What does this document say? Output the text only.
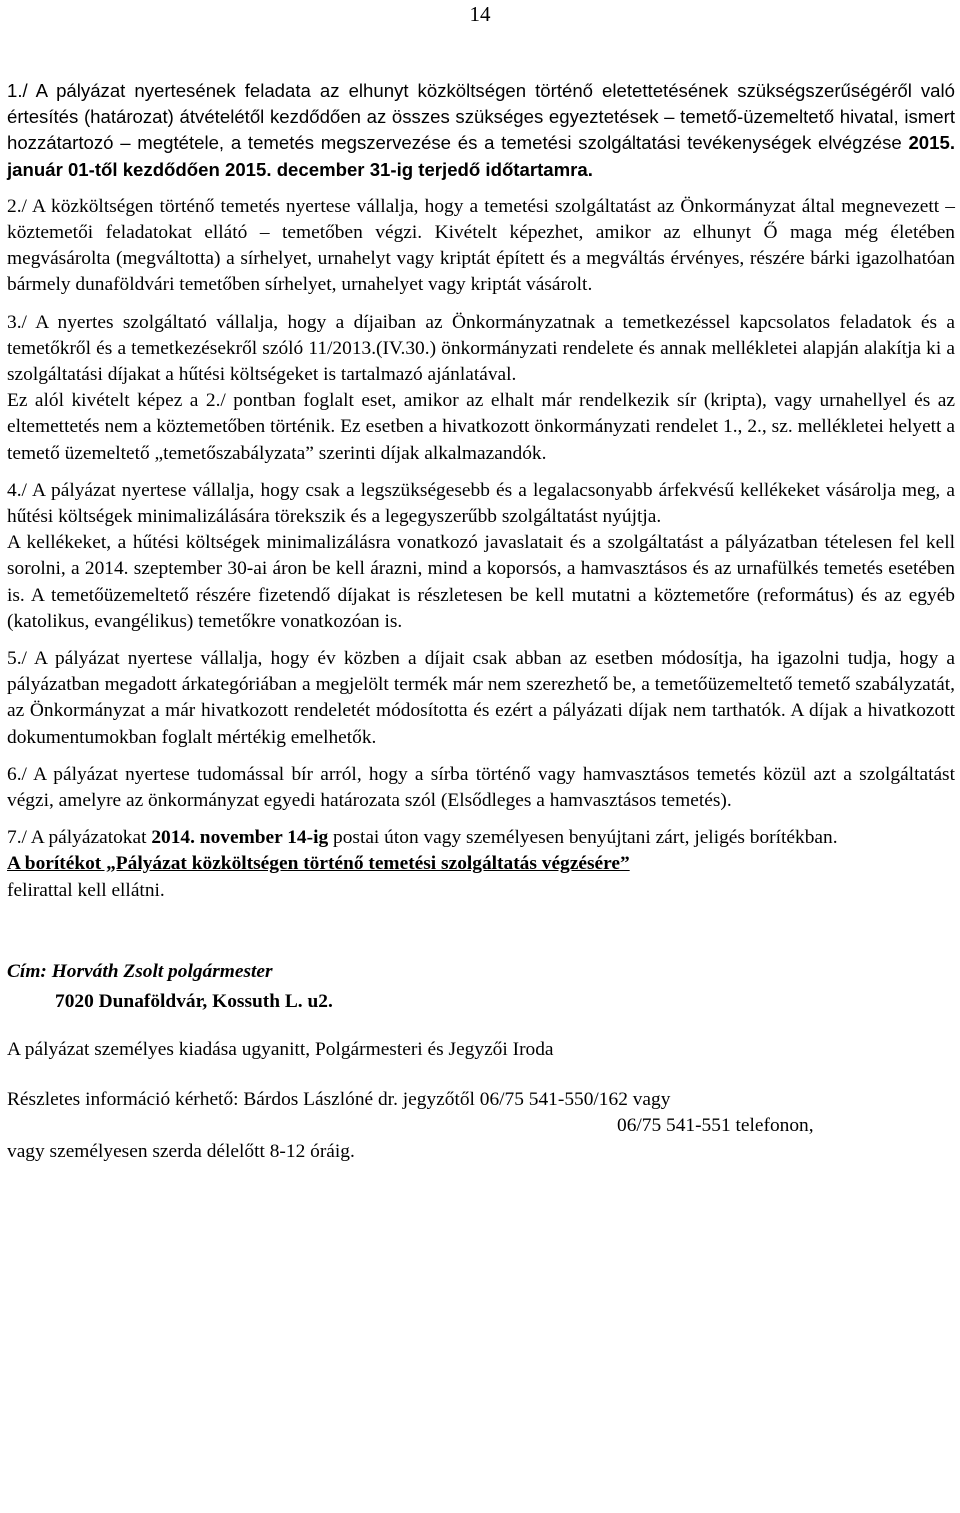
14

1./ A pályázat nyertesének feladata az elhunyt közköltségen történő eletettetésének szükségszerűségéről való értesítés (határozat) átvételétől kezdődően az összes szükséges egyeztetések – temető-üzemeltető hivatal, ismert hozzátartozó – megtétele, a temetés megszervezése és a temetési szolgáltatási tevékenységek elvégzése 2015. január 01-től kezdődően 2015. december 31-ig terjedő időtartamra.

2./ A közköltségen történő temetés nyertese vállalja, hogy a temetési szolgáltatást az Önkormányzat által megnevezett – köztemetői feladatokat ellátó – temetőben végzi. Kivételt képezhet, amikor az elhunyt Ő maga még életében megvásárolta (megváltotta) a sírhelyet, urnahelyt vagy kriptát épített és a megváltás érvényes, részére bárki igazolhatóan bármely dunaföldvári temetőben sírhelyet, urnahelyet vagy kriptát vásárolt.

3./ A nyertes szolgáltató vállalja, hogy a díjaiban az Önkormányzatnak a temetkezéssel kapcsolatos feladatok és a temetőkről és a temetkezésekről szóló 11/2013.(IV.30.) önkormányzati rendelete és annak mellékletei alapján alakítja ki a szolgáltatási díjakat a hűtési költségeket is tartalmazó ajánlatával.

Ez alól kivételt képez a 2./ pontban foglalt eset, amikor az elhalt már rendelkezik sír (kripta), vagy urnahellyel és az eltemettetés nem a köztemetőben történik. Ez esetben a hivatkozott önkormányzati rendelet 1., 2., sz. mellékletei helyett a temető üzemeltető „temetőszabályzata” szerinti díjak alkalmazandók.

4./ A pályázat nyertese vállalja, hogy csak a legszükségesebb és a legalacsonyabb árfekvésű kellékeket vásárolja meg, a hűtési költségek minimalizálására törekszik és a legegyszerűbb szolgáltatást nyújtja.

A kellékeket, a hűtési költségek minimalizálásra vonatkozó javaslatait és a szolgáltatást a pályázatban tételesen fel kell sorolni, a 2014. szeptember 30-ai áron be kell árazni, mind a koporsós, a hamvasztásos és az urnafülkés temetés esetében is. A temetőüzemeltető részére fizetendő díjakat is részletesen be kell mutatni a köztemetőre (református) és az egyéb (katolikus, evangélikus) temetőkre vonatkozóan is.

5./ A pályázat nyertese vállalja, hogy év közben a díjait csak abban az esetben módosítja, ha igazolni tudja, hogy a pályázatban megadott árkategóriában a megjelölt termék már nem szerezhető be, a temetőüzemeltető temető szabályzatát, az Önkormányzat a már hivatkozott rendeletét módosította és ezért a pályázati díjak nem tarthatók. A díjak a hivatkozott dokumentumokban foglalt mértékig emelhetők.

6./ A pályázat nyertese tudomással bír arról, hogy a sírba történő vagy hamvasztásos temetés közül azt a szolgáltatást végzi, amelyre az önkormányzat egyedi határozata szól (Elsődleges a hamvasztásos temetés).

7./ A pályázatokat 2014. november 14-ig postai úton vagy személyesen benyújtani zárt, jeligés borítékban.

A borítékot „Pályázat közköltségen történő temetési szolgáltatás végzésére”

felirattal kell ellátni.

Cím: Horváth Zsolt polgármester

7020 Dunaföldvár, Kossuth L. u2.

A pályázat személyes kiadása ugyanitt, Polgármesteri és Jegyzői Iroda

Részletes információ kérhető: Bárdos Lászlóné dr. jegyzőtől 06/75 541-550/162 vagy

06/75 541-551 telefonon,

vagy személyesen szerda délelőtt 8-12 óráig.
